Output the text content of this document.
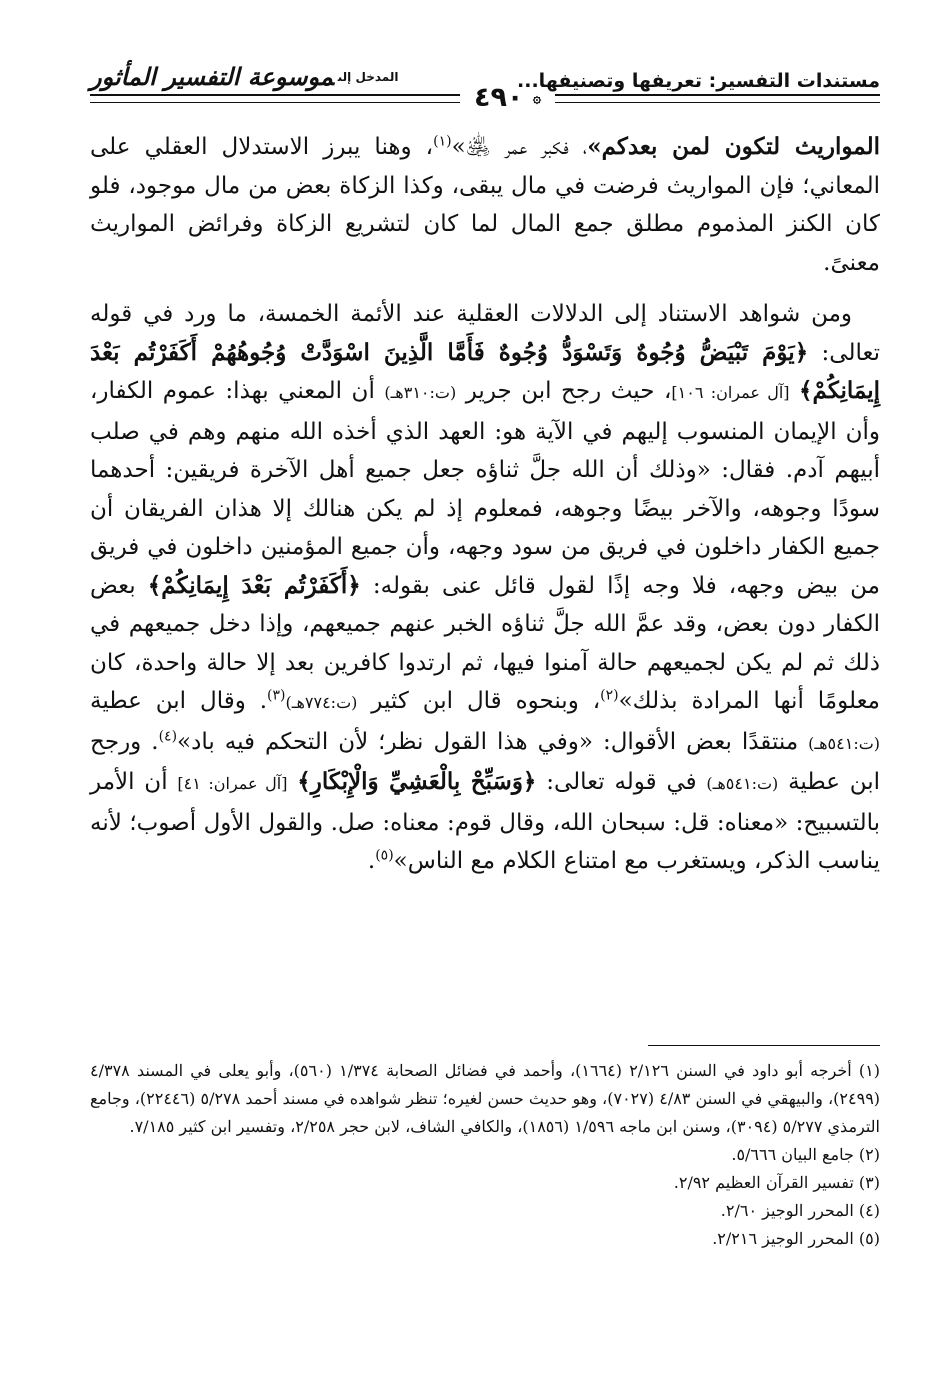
مستندات التفسير: تعريفها وتصنيفها...
المدخل إلىموسوعة التفسير المأثور
۞ ٤٩٠

المواريث لتكون لمن بعدكم»، فكبر عمر ﵁»$^{(١)}$، وهنا يبرز الاستدلال العقلي على المعاني؛ فإن المواريث فرضت في مال يبقى، وكذا الزكاة بعض من مال موجود، فلو كان الكنز المذموم مطلق جمع المال لما كان لتشريع الزكاة وفرائض المواريث معنىً.

ومن شواهد الاستناد إلى الدلالات العقلية عند الأئمة الخمسة، ما ورد في قوله تعالى: ﴿يَوْمَ تَبْيَضُّ وُجُوهٌ وَتَسْوَدُّ وُجُوهٌ فَأَمَّا الَّذِينَ اسْوَدَّتْ وُجُوهُهُمْ أَكَفَرْتُم بَعْدَ إِيمَانِكُمْ﴾ [آل عمران: ١٠٦]، حيث رجح ابن جرير (ت:٣١٠هـ) أن المعني بهذا: عموم الكفار، وأن الإيمان المنسوب إليهم في الآية هو: العهد الذي أخذه الله منهم وهم في صلب أبيهم آدم. فقال: «وذلك أن الله جلَّ ثناؤه جعل جميع أهل الآخرة فريقين: أحدهما سودًا وجوهه، والآخر بيضًا وجوهه، فمعلوم إذ لم يكن هنالك إلا هذان الفريقان أن جميع الكفار داخلون في فريق من سود وجهه، وأن جميع المؤمنين داخلون في فريق من بيض وجهه، فلا وجه إذًا لقول قائل عنى بقوله: ﴿أَكَفَرْتُم بَعْدَ إِيمَانِكُمْ﴾ بعض الكفار دون بعض، وقد عمَّ الله جلَّ ثناؤه الخبر عنهم جميعهم، وإذا دخل جميعهم في ذلك ثم لم يكن لجميعهم حالة آمنوا فيها، ثم ارتدوا كافرين بعد إلا حالة واحدة، كان معلومًا أنها المرادة بذلك»$^{(٢)}$، وبنحوه قال ابن كثير (ت:٧٧٤هـ)$^{(٣)}$. وقال ابن عطية (ت:٥٤١هـ) منتقدًا بعض الأقوال: «وفي هذا القول نظر؛ لأن التحكم فيه باد»$^{(٤)}$. ورجح ابن عطية (ت:٥٤١هـ) في قوله تعالى: ﴿وَسَبِّحْ بِالْعَشِيِّ وَالْإِبْكَارِ﴾ [آل عمران: ٤١] أن الأمر بالتسبيح: «معناه: قل: سبحان الله، وقال قوم: معناه: صل. والقول الأول أصوب؛ لأنه يناسب الذكر، ويستغرب مع امتناع الكلام مع الناس»$^{(٥)}$.

(١) أخرجه أبو داود في السنن ٢/١٢٦ (١٦٦٤)، وأحمد في فضائل الصحابة ١/٣٧٤ (٥٦٠)، وأبو يعلى في المسند ٤/٣٧٨ (٢٤٩٩)، والبيهقي في السنن ٤/٨٣ (٧٠٢٧)، وهو حديث حسن لغيره؛ تنظر شواهده في مسند أحمد ٥/٢٧٨ (٢٢٤٤٦)، وجامع الترمذي ٥/٢٧٧ (٣٠٩٤)، وسنن ابن ماجه ١/٥٩٦ (١٨٥٦)، والكافي الشاف، لابن حجر ٢/٢٥٨، وتفسير ابن كثير ٧/١٨٥.

(٢) جامع البيان ٥/٦٦٦.

(٣) تفسير القرآن العظيم ٢/٩٢.

(٤) المحرر الوجيز ٢/٦٠.

(٥) المحرر الوجيز ٢/٢١٦.
